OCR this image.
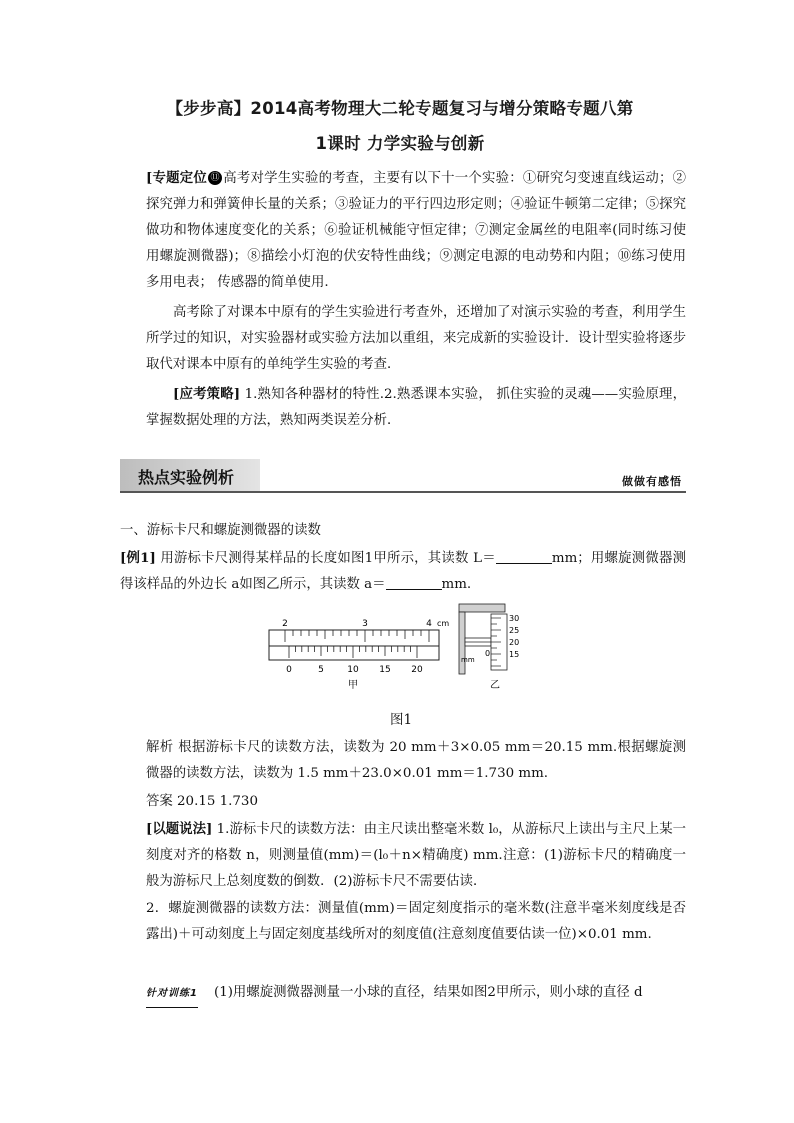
【步步高】2014高考物理大二轮专题复习与增分策略专题八第
1课时 力学实验与创新

[专题定位 ⑪ 高考对学生实验的考查，主要有以下十一个实验：①研究匀变速直线运动；②探究弹力和弹簧伸长量的关系；③验证力的平行四边形定则；④验证牛顿第二定律；⑤探究做功和物体速度变化的关系；⑥验证机械能守恒定律；⑦测定金属丝的电阻率(同时练习使用螺旋测微器)；⑧描绘小灯泡的伏安特性曲线；⑨测定电源的电动势和内阻；⑩练习使用多用电表； 传感器的简单使用.

高考除了对课本中原有的学生实验进行考查外，还增加了对演示实验的考查，利用学生所学过的知识，对实验器材或实验方法加以重组，来完成新的实验设计．设计型实验将逐步取代对课本中原有的单纯学生实验的考查．

[应考策略] 1.熟知各种器材的特性.2.熟悉课本实验， 抓住实验的灵魂——实验原理，掌握数据处理的方法，熟知两类误差分析．

热点实验例析	做做有感悟

一、游标卡尺和螺旋测微器的读数

[例1] 用游标卡尺测得某样品的长度如图1甲所示，其读数 L＝	mm；用螺旋测微器测得该样品的外边长 a如图乙所示，其读数 a＝	mm.

2	3	4 cm
0	5	10 15 20
甲
mm
0
30
25
20
15
乙
图1

解析 根据游标卡尺的读数方法，读数为 20 mm＋3×0.05 mm＝20.15 mm.根据螺旋测微器的读数方法，读数为 1.5 mm＋23.0×0.01 mm＝1.730 mm.

答案 20.15 1.730

[以题说法] 1.游标卡尺的读数方法：由主尺读出整毫米数 l₀，从游标尺上读出与主尺上某一刻度对齐的格数 n，则测量值(mm)＝(l₀＋n×精确度) mm.注意：(1)游标卡尺的精确度一般为游标尺上总刻度数的倒数．(2)游标卡尺不需要估读．

2．螺旋测微器的读数方法：测量值(mm)＝固定刻度指示的毫米数(注意半毫米刻度线是否露出)＋可动刻度上与固定刻度基线所对的刻度值(注意刻度值要估读一位)×0.01 mm.

针对训练1 (1)用螺旋测微器测量一小球的直径，结果如图2甲所示，则小球的直径 d
